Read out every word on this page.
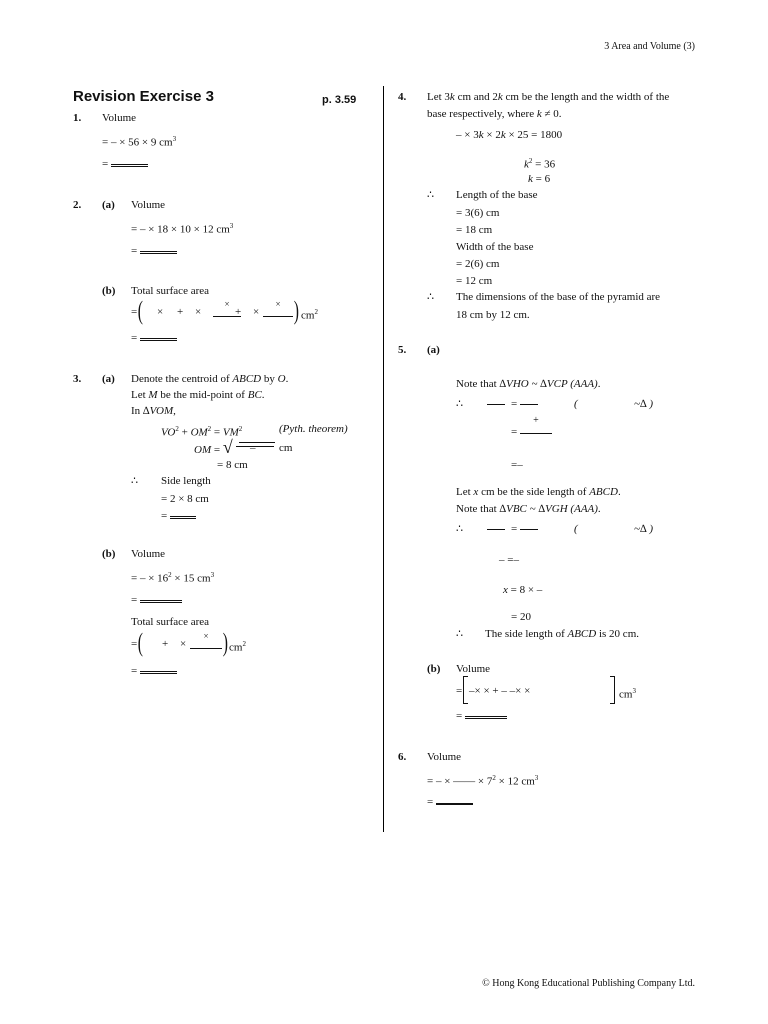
3 Area and Volume (3)
Revision Exercise 3	p. 3.59
1. Volume
= – × 56 × 9 $cm^3$
=
2. (a) Volume
= – × 18 × 10 × 12 $cm^3$
=
(b) Total surface area
= ( × + ×
×
+ ×
× ) $cm^2$
=
3. (a) Denote the centroid of ABCD by O.
Let M be the mid-point of BC.
In ∆VOM,
$VO^2 + OM^2 = VM^2$	(Pyth. theorem)
OM = √ – cm
= 8 cm
∴ Side length
= 2 × 8 cm
=
(b) Volume
= – × $16^2 \times 15$ $cm^3$
=
Total surface area
= ( + ×
× ) $cm^2$
=
4. Let 3k cm and 2k cm be the length and the width of the
base respectively, where k ≠ 0.
– × 3k × 2k × 25 = 1800
$k^2 = 36$
k = 6
∴ Length of the base
= 3(6) cm
= 18 cm
Width of the base
= 2(6) cm
= 12 cm
∴ The dimensions of the base of the pyramid are
18 cm by 12 cm.
5. (a)
Note that ∆VHO ~ ∆VCP (AAA).
∴	=	(	~∆ )
=
+
=–
Let x cm be the side length of ABCD.
Note that ∆VBC ~ ∆VGH (AAA).
∴	=	(	~∆ )
– =–
x = 8 × –
= 20
∴ The side length of ABCD is 20 cm.
(b) Volume
= –× × + – –× ×	$cm^3$
=
6. Volume
= – × —— × $7^2 \times 12$ $cm^3$
=
© Hong Kong Educational Publishing Company Ltd.
